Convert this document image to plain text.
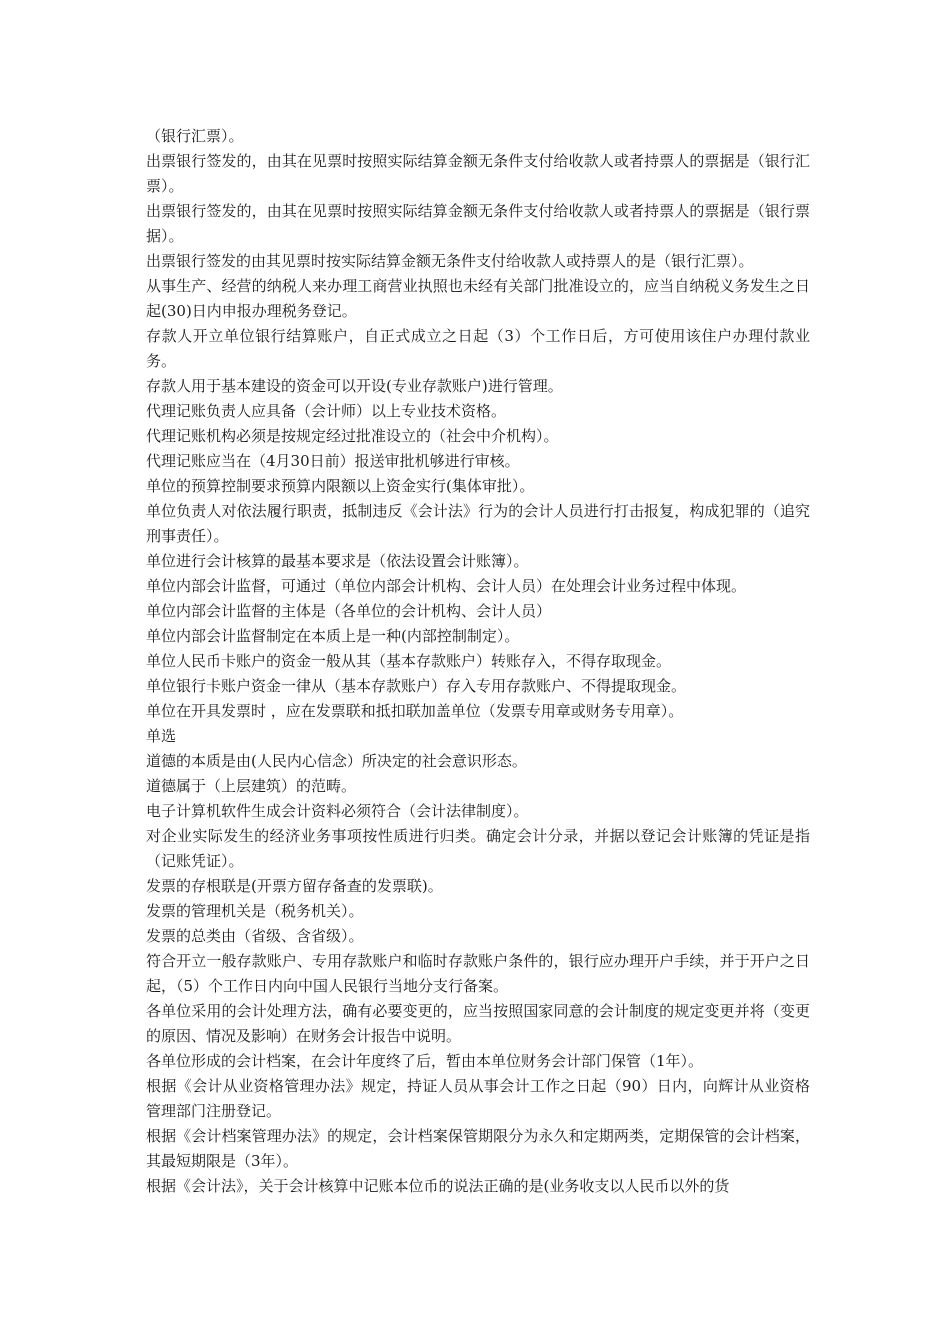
（银行汇票）。

出票银行签发的，由其在见票时按照实际结算金额无条件支付给收款人或者持票人的票据是（银行汇票）。

出票银行签发的，由其在见票时按照实际结算金额无条件支付给收款人或者持票人的票据是（银行票据）。

出票银行签发的由其见票时按实际结算金额无条件支付给收款人或持票人的是（银行汇票）。

从事生产、经营的纳税人来办理工商营业执照也未经有关部门批准设立的，应当自纳税义务发生之日起(30)日内申报办理税务登记。

存款人开立单位银行结算账户，自正式成立之日起（3）个工作日后，方可使用该住户办理付款业务。

存款人用于基本建设的资金可以开设(专业存款账户)进行管理。

代理记账负责人应具备（会计师）以上专业技术资格。

代理记账机构必须是按规定经过批准设立的（社会中介机构）。

代理记账应当在（4月30日前）报送审批机够进行审核。

单位的预算控制要求预算内限额以上资金实行(集体审批）。

单位负责人对依法履行职责，抵制违反《会计法》行为的会计人员进行打击报复，构成犯罪的（追究刑事责任）。

单位进行会计核算的最基本要求是（依法设置会计账簿）。

单位内部会计监督，可通过（单位内部会计机构、会计人员）在处理会计业务过程中体现。

单位内部会计监督的主体是（各单位的会计机构、会计人员）

单位内部会计监督制定在本质上是一种(内部控制制定）。

单位人民币卡账户的资金一般从其（基本存款账户）转账存入，不得存取现金。

单位银行卡账户资金一律从（基本存款账户）存入专用存款账户、不得提取现金。

单位在开具发票时 ，应在发票联和抵扣联加盖单位（发票专用章或财务专用章）。

单选

道德的本质是由(人民内心信念）所决定的社会意识形态。

道德属于（上层建筑）的范畴。

电子计算机软件生成会计资料必须符合（会计法律制度）。

对企业实际发生的经济业务事项按性质进行归类。确定会计分录，并据以登记会计账簿的凭证是指（记账凭证）。

发票的存根联是(开票方留存备查的发票联)。

发票的管理机关是（税务机关）。

发票的总类由（省级、含省级）。

符合开立一般存款账户、专用存款账户和临时存款账户条件的，银行应办理开户手续，并于开户之日起，（5）个工作日内向中国人民银行当地分支行备案。

各单位采用的会计处理方法，确有必要变更的，应当按照国家同意的会计制度的规定变更并将（变更的原因、情况及影响）在财务会计报告中说明。

各单位形成的会计档案，在会计年度终了后，暂由本单位财务会计部门保管（1年）。

根据《会计从业资格管理办法》规定，持证人员从事会计工作之日起（90）日内，向辉计从业资格管理部门注册登记。

根据《会计档案管理办法》的规定，会计档案保管期限分为永久和定期两类，定期保管的会计档案，其最短期限是（3年）。

根据《会计法》，关于会计核算中记账本位币的说法正确的是(业务收支以人民币以外的货
